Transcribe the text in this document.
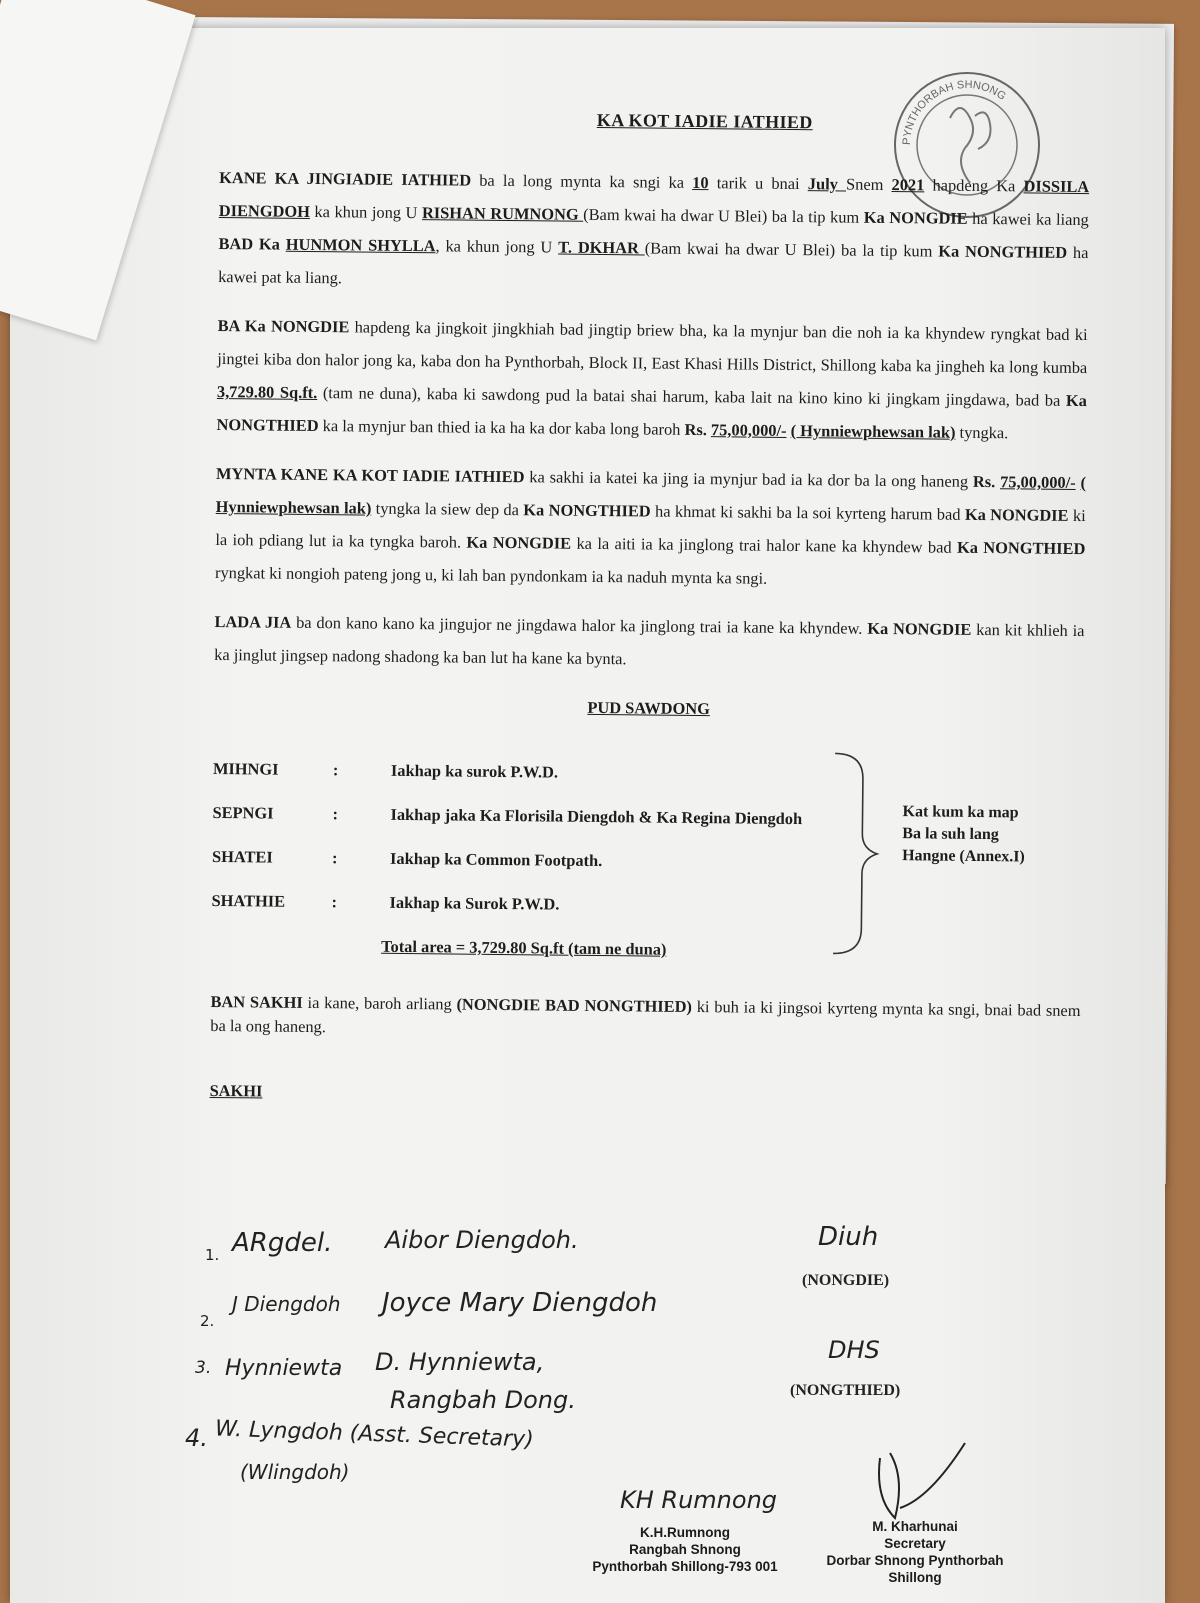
PYNTHORBAH SHNONG
KA KOT IADIE IATHIED

KANE KA JINGIADIE IATHIED ba la long mynta ka sngi ka 10 tarik u bnai July Snem 2021 hapdeng Ka DISSILA DIENGDOH ka khun jong U RISHAN RUMNONG (Bam kwai ha dwar U Blei) ba la tip kum Ka NONGDIE ha kawei ka liang BAD Ka HUNMON SHYLLA, ka khun jong U T. DKHAR (Bam kwai ha dwar U Blei) ba la tip kum Ka NONGTHIED ha kawei pat ka liang.

BA Ka NONGDIE hapdeng ka jingkoit jingkhiah bad jingtip briew bha, ka la mynjur ban die noh ia ka khyndew ryngkat bad ki jingtei kiba don halor jong ka, kaba don ha Pynthorbah, Block II, East Khasi Hills District, Shillong kaba ka jingheh ka long kumba 3,729.80 Sq.ft. (tam ne duna), kaba ki sawdong pud la batai shai harum, kaba lait na kino kino ki jingkam jingdawa, bad ba Ka NONGTHIED ka la mynjur ban thied ia ka ha ka dor kaba long baroh Rs. 75,00,000/- ( Hynniewphewsan lak) tyngka.

MYNTA KANE KA KOT IADIE IATHIED ka sakhi ia katei ka jing ia mynjur bad ia ka dor ba la ong haneng Rs. 75,00,000/- ( Hynniewphewsan lak) tyngka la siew dep da Ka NONGTHIED ha khmat ki sakhi ba la soi kyrteng harum bad Ka NONGDIE ki la ioh pdiang lut ia ka tyngka baroh. Ka NONGDIE ka la aiti ia ka jinglong trai halor kane ka khyndew bad Ka NONGTHIED ryngkat ki nongioh pateng jong u, ki lah ban pyndonkam ia ka naduh mynta ka sngi.

LADA JIA ba don kano kano ka jingujor ne jingdawa halor ka jinglong trai ia kane ka khyndew. Ka NONGDIE kan kit khlieh ia ka jinglut jingsep nadong shadong ka ban lut ha kane ka bynta.

PUD SAWDONG
MIHNGI	:	Iakhap ka surok P.W.D.
SEPNGI	:	Iakhap jaka Ka Florisila Diengdoh & Ka Regina Diengdoh
SHATEI	:	Iakhap ka Common Footpath.
SHATHIE	:	Iakhap ka Surok P.W.D.
Total area = 3,729.80 Sq.ft (tam ne duna)
Kat kum ka map
Ba la suh lang
Hangne (Annex.I)

BAN SAKHI ia kane, baroh arliang (NONGDIE BAD NONGTHIED) ki buh ia ki jingsoi kyrteng mynta ka sngi, bnai bad snem ba la ong haneng.

SAKHI
1. ARgdel. Aibor Diengdoh.
2.
J Diengdoh Joyce Mary Diengdoh
3. Hynniewta D. Hynniewta,
Rangbah Dong.
4. W. Lyngdoh (Asst. Secretary)
(Wlingdoh)
Diuh
(NONGDIE)
DHS
(NONGTHIED)
KH Rumnong
K.H.Rumnong
Rangbah Shnong
Pynthorbah Shillong-793 001
M. Kharhunai
Secretary
Dorbar Shnong Pynthorbah
Shillong
